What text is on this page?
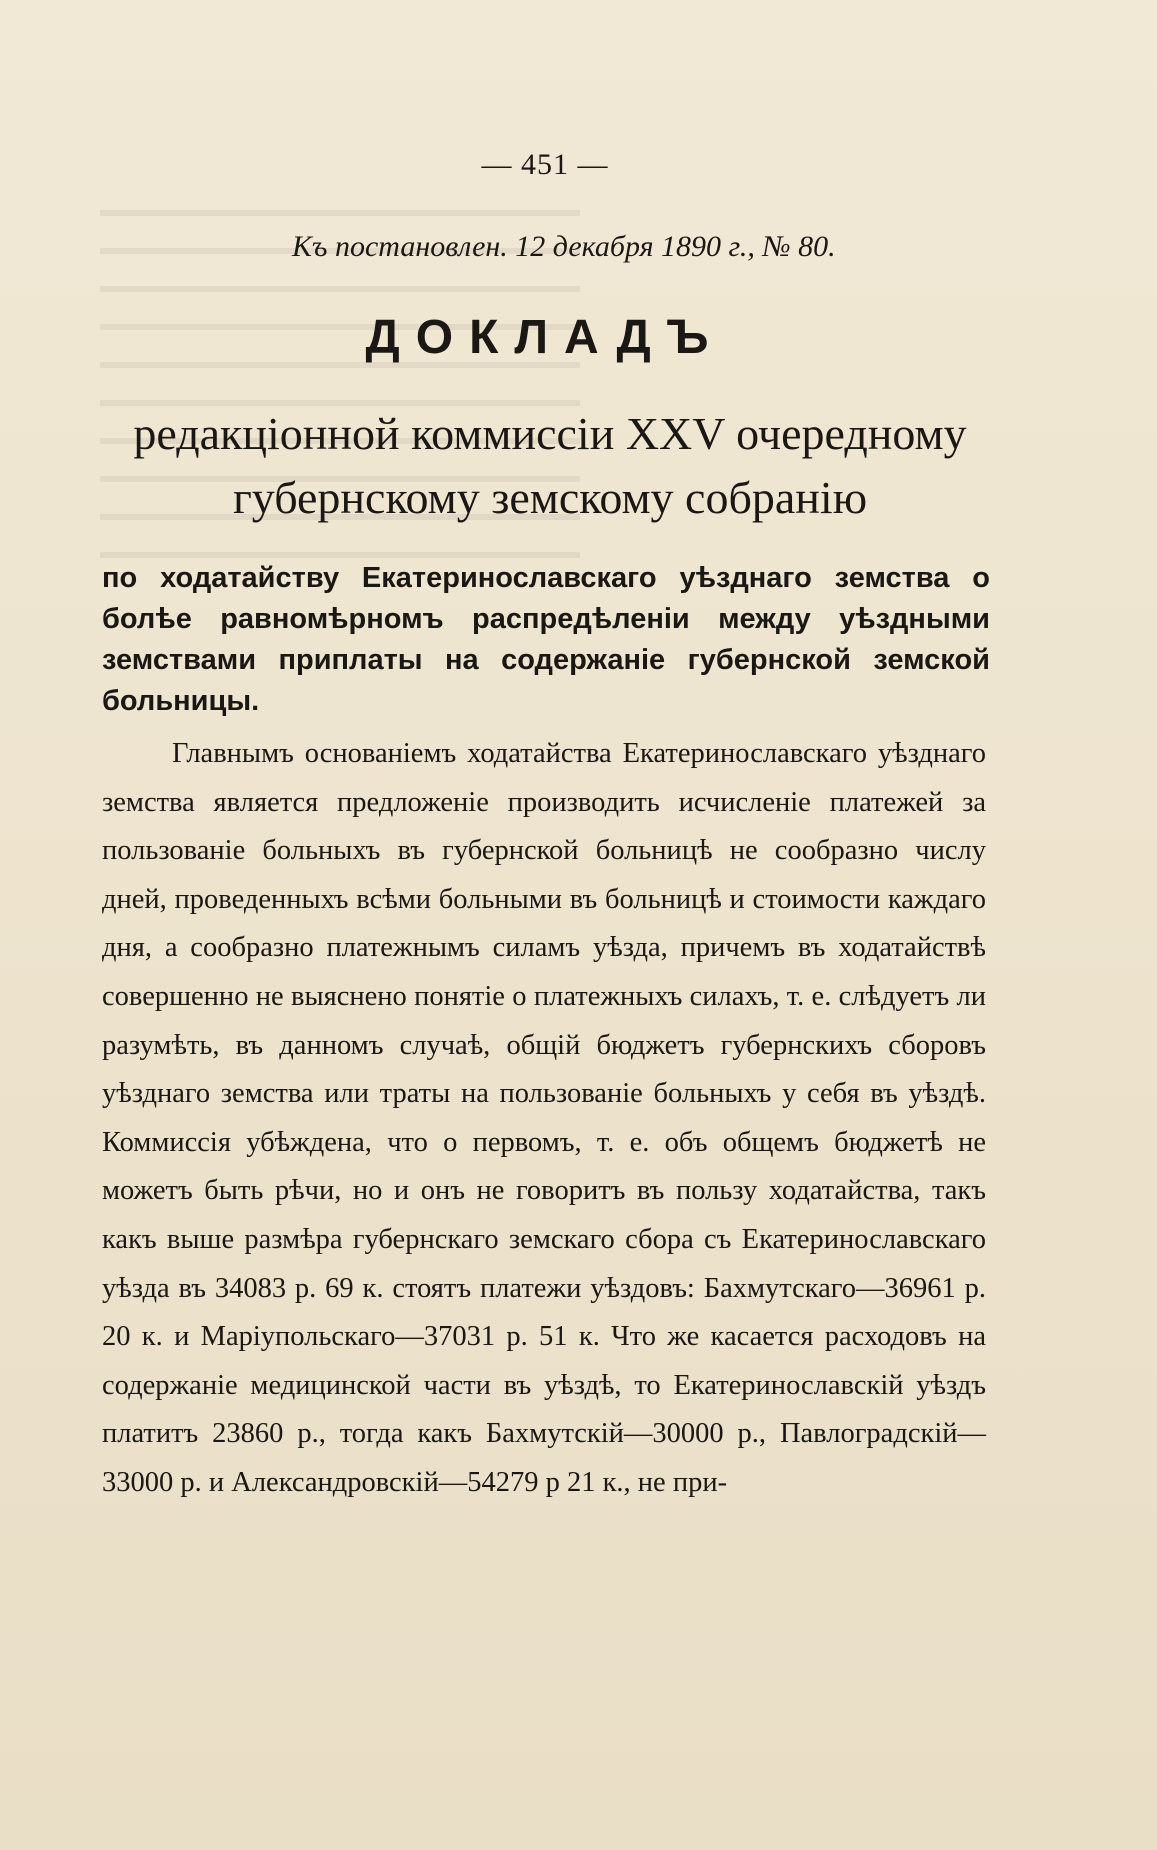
— 451 —
Къ постановлен. 12 декабря 1890 г., № 80.
ДОКЛАДЪ
редакціонной коммиссіи XXV очередному
губернскому земскому собранію
по ходатайству Екатеринославскаго уѣзднаго земства о болѣе равномѣрномъ распредѣленіи между уѣздными земствами приплаты на содержаніе губернской земской больницы.

Главнымъ основаніемъ ходатайства Екатеринославскаго уѣзднаго земства является предложеніе производить исчисленіе платежей за пользованіе больныхъ въ губернской больницѣ не сообразно числу дней, проведенныхъ всѣми больными въ больницѣ и стоимости каждаго дня, а сообразно платежнымъ силамъ уѣзда, причемъ въ ходатайствѣ совершенно не выяснено понятіе о платежныхъ силахъ, т. е. слѣдуетъ ли разумѣть, въ данномъ случаѣ, общій бюджетъ губернскихъ сборовъ уѣзднаго земства или траты на пользованіе больныхъ у себя въ уѣздѣ. Коммиссія убѣждена, что о первомъ, т. е. объ общемъ бюджетѣ не можетъ быть рѣчи, но и онъ не говоритъ въ пользу ходатайства, такъ какъ выше размѣра губернскаго земскаго сбора съ Екатеринославскаго уѣзда въ 34083 р. 69 к. стоятъ платежи уѣздовъ: Бахмутскаго—36961 р. 20 к. и Маріупольскаго—37031 р. 51 к. Что же касается расходовъ на содержаніе медицинской части въ уѣздѣ, то Екатеринославскій уѣздъ платитъ 23860 р., тогда какъ Бахмутскій—30000 р., Павлоградскій—33000 р. и Александровскій—54279 р 21 к., не при-
